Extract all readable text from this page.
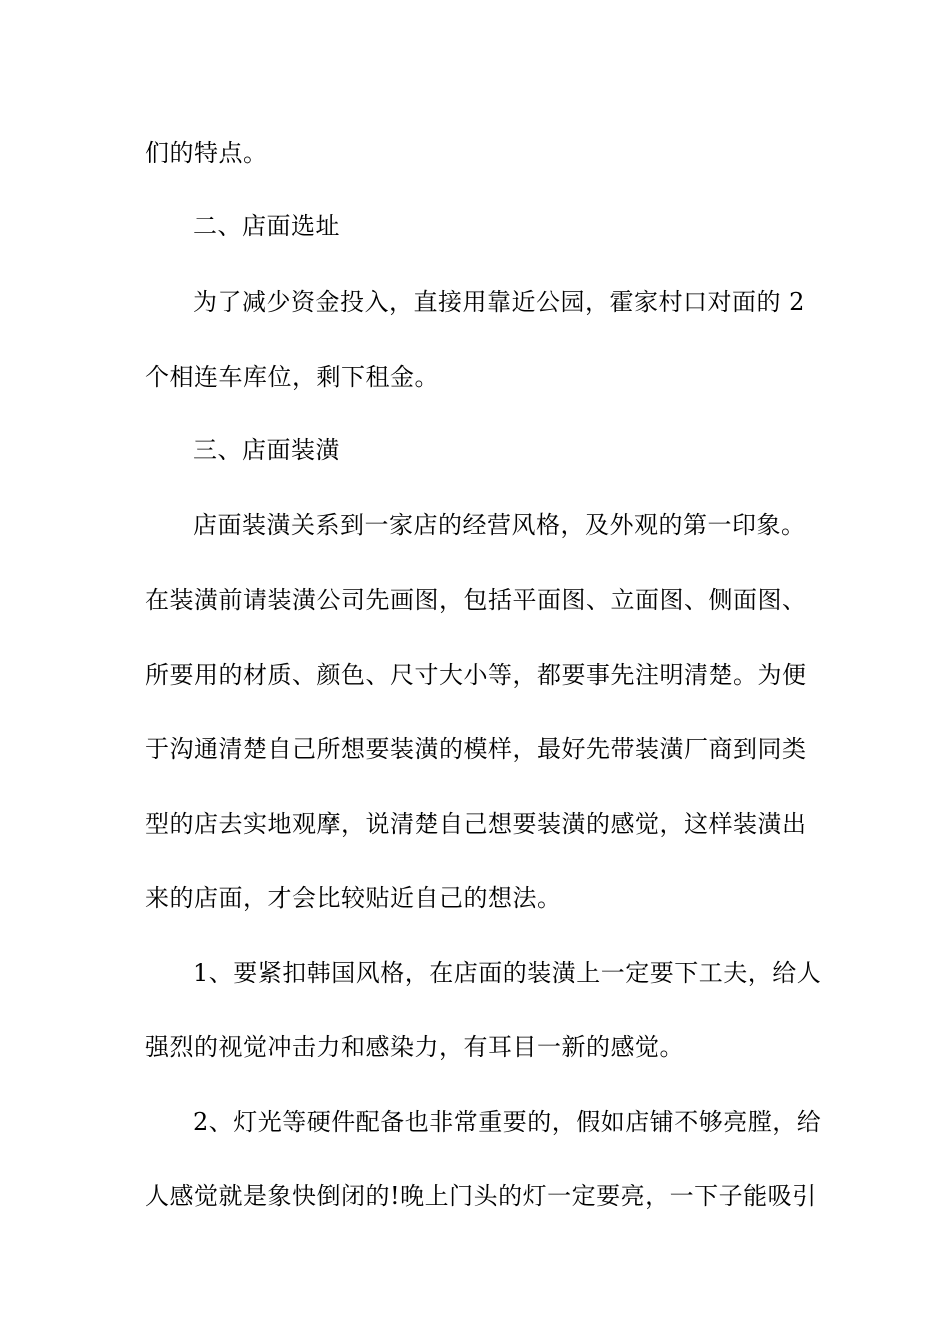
们的特点。
二、店面选址
为了减少资金投入，直接用靠近公园，霍家村口对面的 2
个相连车库位，剩下租金。
三、店面装潢
店面装潢关系到一家店的经营风格，及外观的第一印象。
在装潢前请装潢公司先画图，包括平面图、立面图、侧面图、
所要用的材质、颜色、尺寸大小等，都要事先注明清楚。为便
于沟通清楚自己所想要装潢的模样，最好先带装潢厂商到同类
型的店去实地观摩，说清楚自己想要装潢的感觉，这样装潢出
来的店面，才会比较贴近自己的想法。
1、要紧扣韩国风格，在店面的装潢上一定要下工夫，给人
强烈的视觉冲击力和感染力，有耳目一新的感觉。
2、灯光等硬件配备也非常重要的，假如店铺不够亮膛，给
人感觉就是象快倒闭的!晚上门头的灯一定要亮，一下子能吸引
